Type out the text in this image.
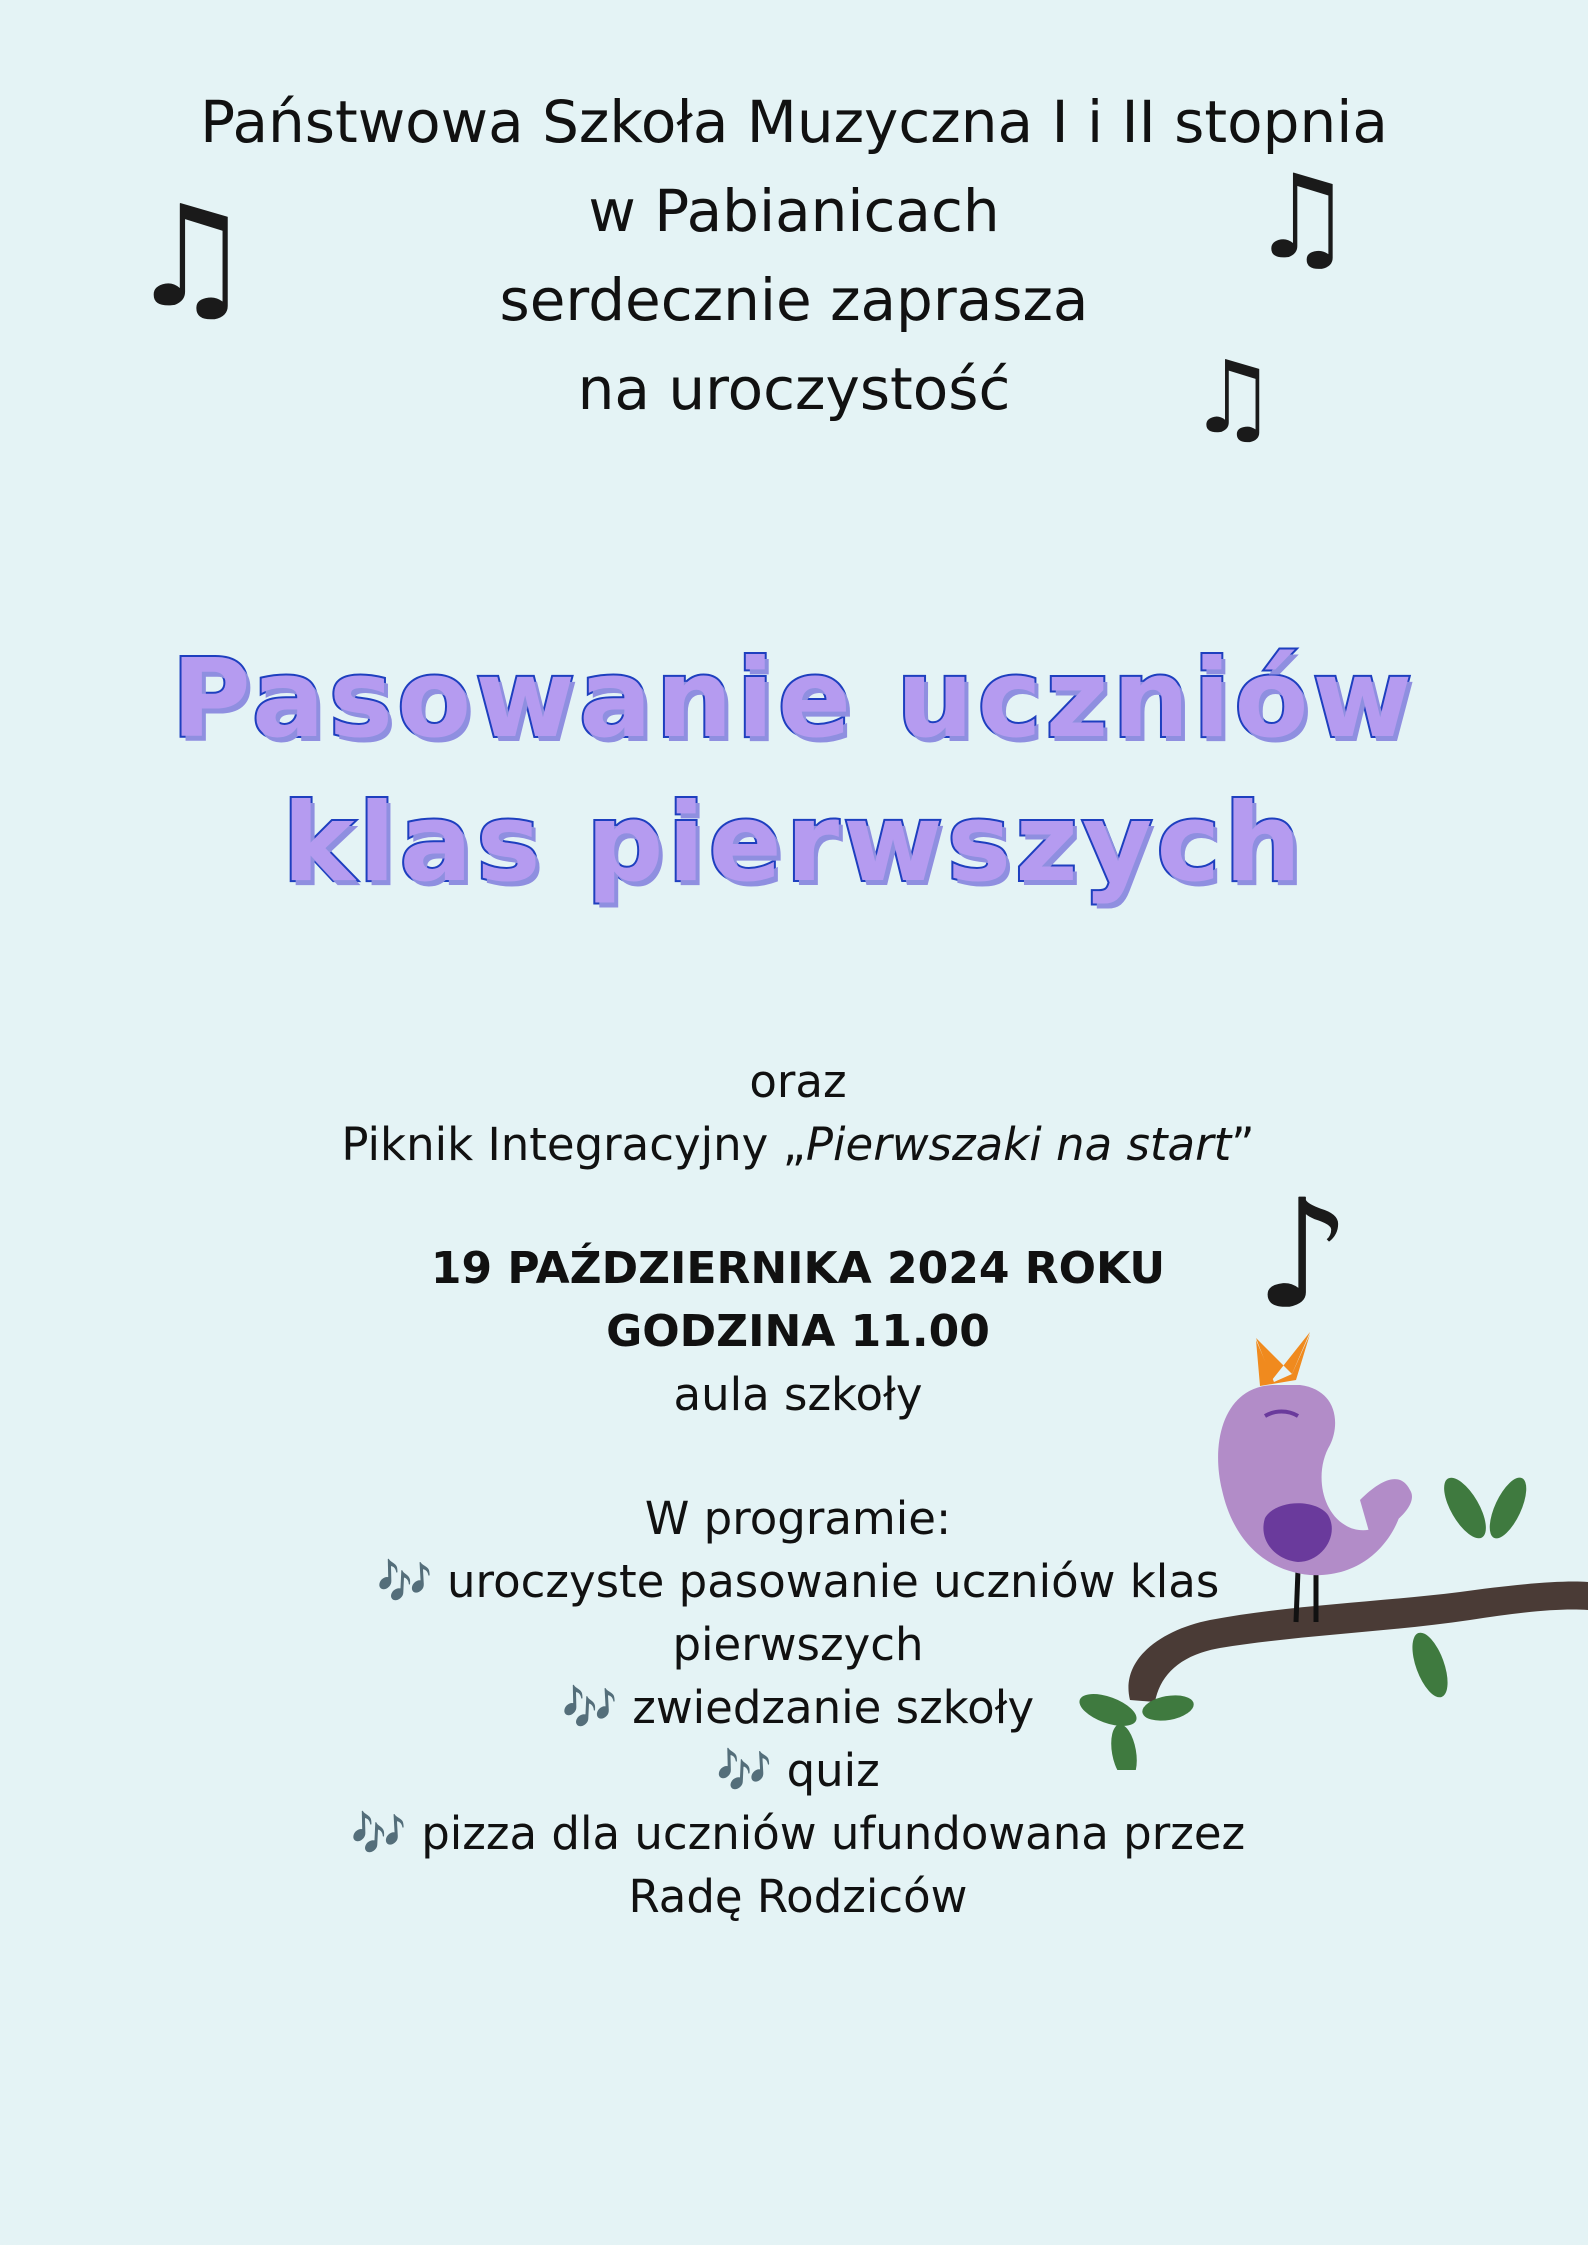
Państwowa Szkoła Muzyczna I i II stopnia
w Pabianicach
serdecznie zaprasza
na uroczystość
♫	♫
♫
Pasowanie uczniów
klas pierwszych
oraz
Piknik Integracyjny „Pierwszaki na start”
19 PAŹDZIERNIKA 2024 ROKU
GODZINA 11.00
aula szkoły
W programie:
🎶 uroczyste pasowanie uczniów klas
pierwszych
🎶 zwiedzanie szkoły
🎶 quiz
🎶 pizza dla uczniów ufundowana przez
Radę Rodziców
♪
